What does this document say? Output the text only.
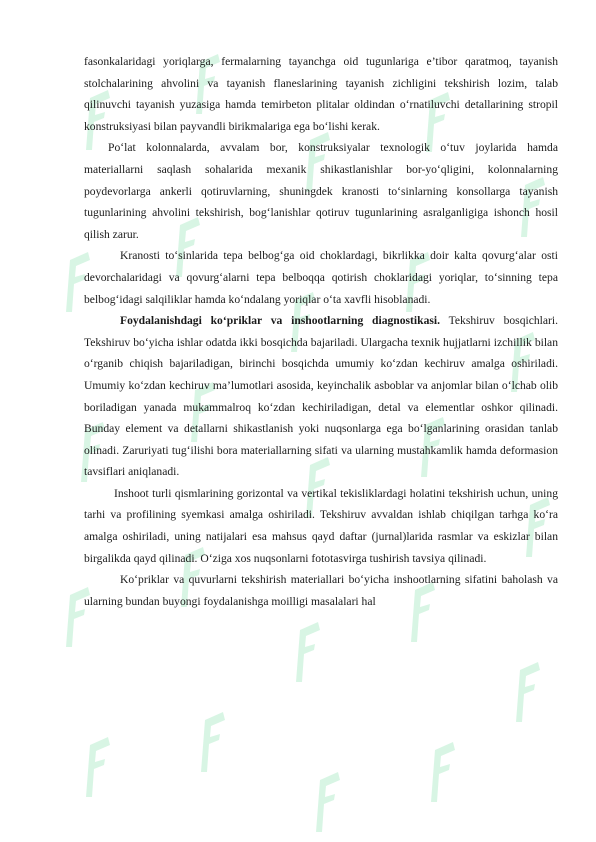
fasonkalaridagi yoriqlarga, fermalarning tayanchga oid tugunlariga e’tibor qaratmoq, tayanish stolchalarining ahvolini va tayanish flaneslarining tayanish zichligini tekshirish lozim, talab qilinuvchi tayanish yuzasiga hamda temirbeton plitalar oldindan o‘rnatiluvchi detallarining stropil konstruksiyasi bilan payvandli birikmalariga ega bo‘lishi kerak.

Po‘lat kolonnalarda, avvalam bor, konstruksiyalar texnologik o‘tuv joylarida hamda materiallarni saqlash sohalarida mexanik shikastlanishlar bor-yo‘qligini, kolonnalarning poydevorlarga ankerli qotiruvlarning, shuningdek kranosti to‘sinlarning konsollarga tayanish tugunlarining ahvolini tekshirish, bog‘lanishlar qotiruv tugunlarining asralganligiga ishonch hosil qilish zarur.

Kranosti to‘sinlarida tepa belbog‘ga oid choklardagi, bikrlikka doir kalta qovurg‘alar osti devorchalaridagi va qovurg‘alarni tepa belboqqa qotirish choklaridagi yoriqlar, to‘sinning tepa belbog‘idagi salqiliklar hamda ko‘ndalang yoriqlar o‘ta xavfli hisoblanadi.

Foydalanishdagi ko‘priklar va inshootlarning diagnostikasi. Tekshiruv bosqichlari. Tekshiruv bo‘yicha ishlar odatda ikki bosqichda bajariladi. Ulargacha texnik hujjatlarni izchillik bilan o‘rganib chiqish bajariladigan, birinchi bosqichda umumiy ko‘zdan kechiruv amalga oshiriladi. Umumiy ko‘zdan kechiruv ma’lumotlari asosida, keyinchalik asboblar va anjomlar bilan o‘lchab olib boriladigan yanada mukammalroq ko‘zdan kechiriladigan, detal va elementlar oshkor qilinadi. Bunday element va detallarni shikastlanish yoki nuqsonlarga ega bo‘lganlarining orasidan tanlab olinadi. Zaruriyati tug‘ilishi bora materiallarning sifati va ularning mustahkamlik hamda deformasion tavsiflari aniqlanadi.

Inshoot turli qismlarining gorizontal va vertikal tekisliklardagi holatini tekshirish uchun, uning tarhi va profilining syemkasi amalga oshiriladi. Tekshiruv avvaldan ishlab chiqilgan tarhga ko‘ra amalga oshiriladi, uning natijalari esa mahsus qayd daftar (jurnal)larida rasmlar va eskizlar bilan birgalikda qayd qilinadi. O‘ziga xos nuqsonlarni fototasvirga tushirish tavsiya qilinadi.

Ko‘priklar va quvurlarni tekshirish materiallari bo‘yicha inshootlarning sifatini baholash va ularning bundan buyongi foydalanishga moilligi masalalari hal
